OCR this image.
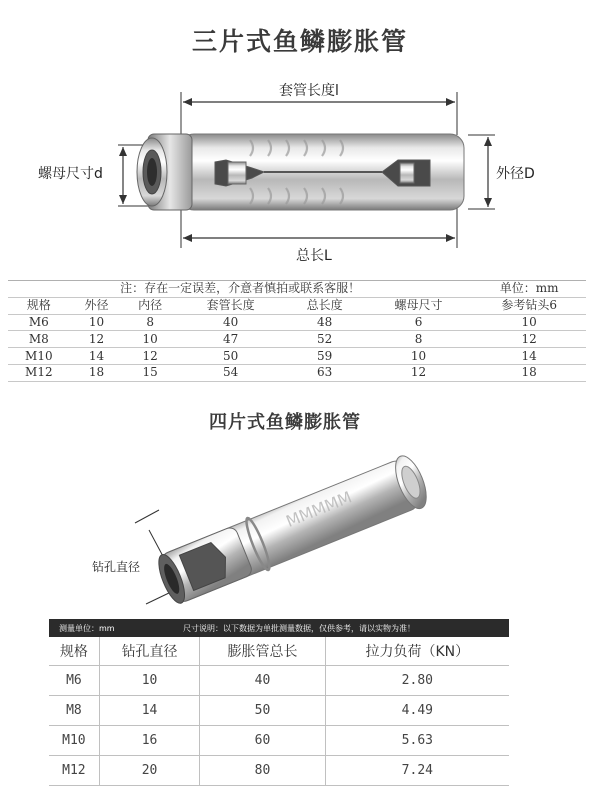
三片式鱼鳞膨胀管
套管长度l
螺母尺寸d	外径D
总长L
注：存在一定误差，介意者慎拍或联系客服！						单位：mm
规格	外径	内径	套管长度	总长度	螺母尺寸	参考钻头6
M6	10	8	40	48	6	10
M8	12	10	47	52	8	12
M10	14	12	50	59	10	14
M12	18	15	54	63	12	18
四片式鱼鳞膨胀管
MMMMM
钻孔直径
测量单位：mm	尺寸说明：以下数据为单批测量数据，仅供参考，请以实物为准！
规格	钻孔直径	膨胀管总长	拉力负荷（KN）
M6	10	40	2.80
M8	14	50	4.49
M10	16	60	5.63
M12	20	80	7.24
